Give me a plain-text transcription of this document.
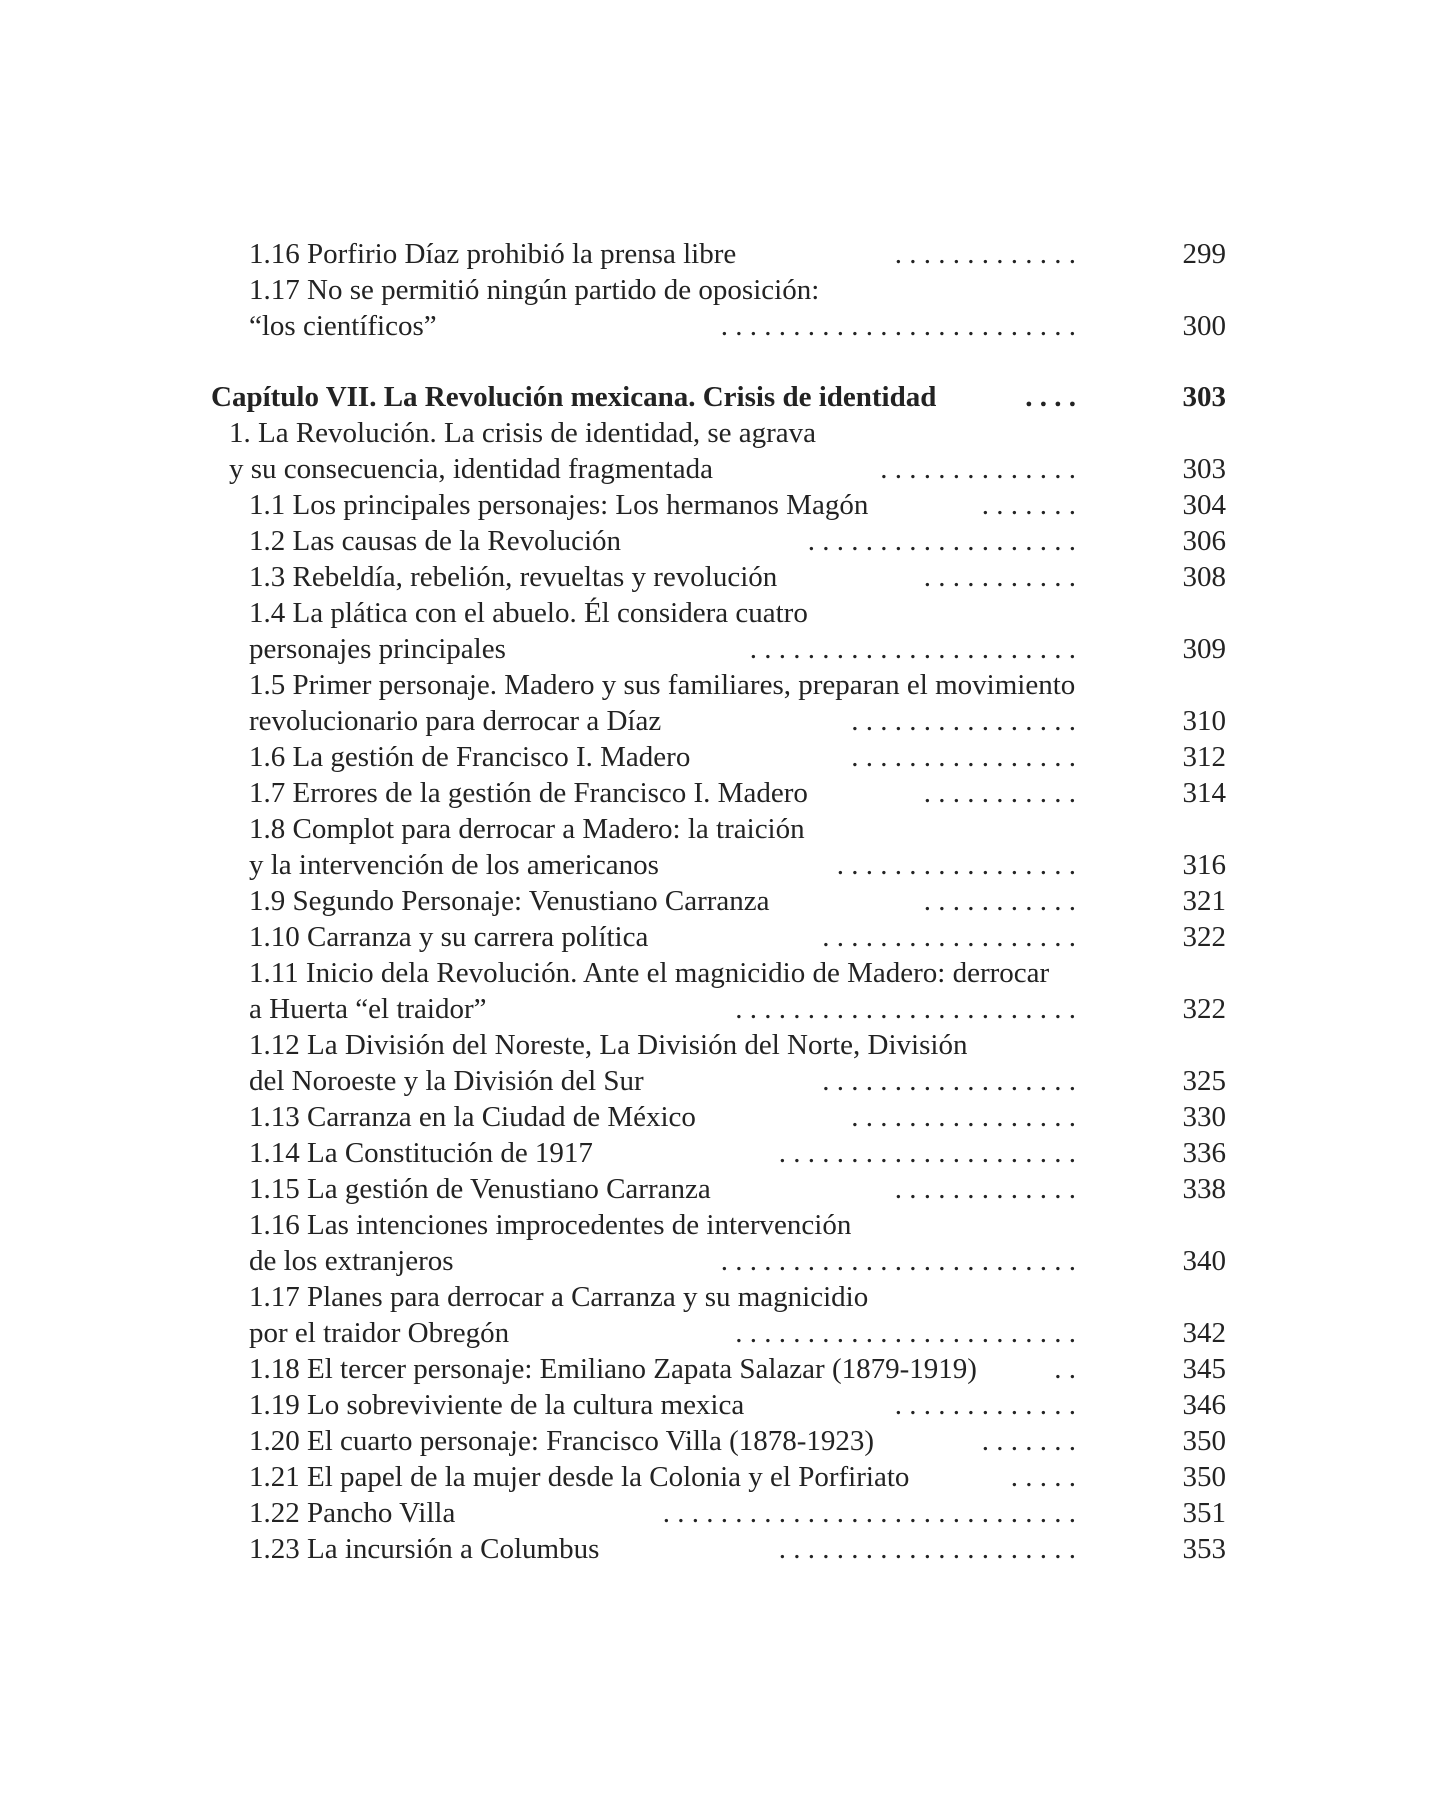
1.16 Porfirio Díaz prohibió la prensa libre	. . . . . . . . . . . . .	299
1.17 No se permitió ningún partido de oposición:
“los científicos”	. . . . . . . . . . . . . . . . . . . . . . . . .	300
Capítulo VII. La Revolución mexicana. Crisis de identidad	. . . .	303
1. La Revolución. La crisis de identidad, se agrava
y su consecuencia, identidad fragmentada	. . . . . . . . . . . . . .	303
1.1 Los principales personajes: Los hermanos Magón	. . . . . . .	304
1.2 Las causas de la Revolución	. . . . . . . . . . . . . . . . . . .	306
1.3 Rebeldía, rebelión, revueltas y revolución	. . . . . . . . . . .	308
1.4 La plática con el abuelo. Él considera cuatro
personajes principales	. . . . . . . . . . . . . . . . . . . . . . .	309
1.5 Primer personaje. Madero y sus familiares, preparan el movimiento
revolucionario para derrocar a Díaz	. . . . . . . . . . . . . . . .	310
1.6 La gestión de Francisco I. Madero	. . . . . . . . . . . . . . . .	312
1.7 Errores de la gestión de Francisco I. Madero	. . . . . . . . . . .	314
1.8 Complot para derrocar a Madero: la traición
y la intervención de los americanos	. . . . . . . . . . . . . . . . .	316
1.9 Segundo Personaje: Venustiano Carranza	. . . . . . . . . . .	321
1.10 Carranza y su carrera política	. . . . . . . . . . . . . . . . . .	322
1.11 Inicio dela Revolución. Ante el magnicidio de Madero: derrocar
a Huerta “el traidor”	. . . . . . . . . . . . . . . . . . . . . . . .	322
1.12 La División del Noreste, La División del Norte, División
del Noroeste y la División del Sur	. . . . . . . . . . . . . . . . . .	325
1.13 Carranza en la Ciudad de México	. . . . . . . . . . . . . . . .	330
1.14 La Constitución de 1917	. . . . . . . . . . . . . . . . . . . . .	336
1.15 La gestión de Venustiano Carranza	. . . . . . . . . . . . .	338
1.16 Las intenciones improcedentes de intervención
de los extranjeros	. . . . . . . . . . . . . . . . . . . . . . . . .	340
1.17 Planes para derrocar a Carranza y su magnicidio
por el traidor Obregón	. . . . . . . . . . . . . . . . . . . . . . . .	342
1.18 El tercer personaje: Emiliano Zapata Salazar (1879-1919)	. .	345
1.19 Lo sobreviviente de la cultura mexica	. . . . . . . . . . . . .	346
1.20 El cuarto personaje: Francisco Villa (1878-1923)	. . . . . . .	350
1.21 El papel de la mujer desde la Colonia y el Porfiriato	. . . . .	350
1.22 Pancho Villa	. . . . . . . . . . . . . . . . . . . . . . . . . . . . .	351
1.23 La incursión a Columbus	. . . . . . . . . . . . . . . . . . . . .	353
